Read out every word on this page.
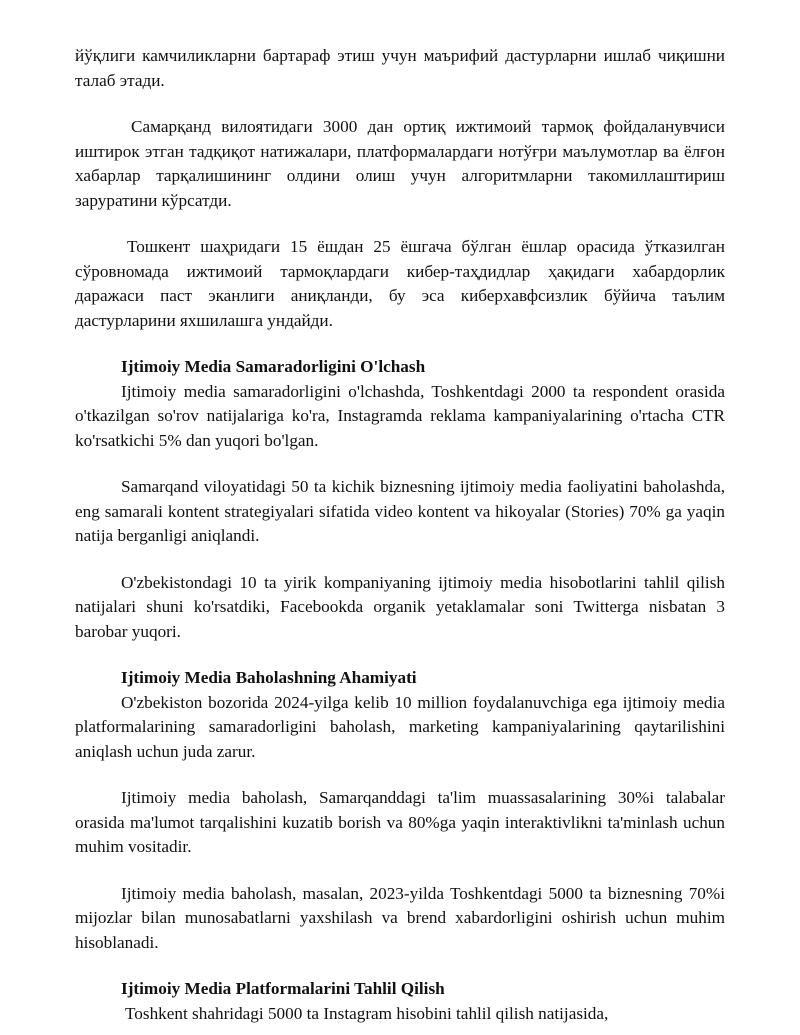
йўқлиги камчиликларни бартараф этиш учун маърифий дастурларни ишлаб чиқишни талаб этади.

Самарқанд вилоятидаги 3000 дан ортиқ ижтимоий тармоқ фойдаланувчиси иштирок этган тадқиқот натижалари, платформалардаги нотўғри маълумотлар ва ёлғон хабарлар тарқалишининг олдини олиш учун алгоритмларни такомиллаштириш заруратини кўрсатди.

Тошкент шаҳридаги 15 ёшдан 25 ёшгача бўлган ёшлар орасида ўтказилган сўровномада ижтимоий тармоқлардаги кибер-таҳдидлар ҳақидаги хабардорлик даражаси паст эканлиги аниқланди, бу эса киберхавфсизлик бўйича таълим дастурларини яхшилашга ундайди.

Ijtimoiy Media Samaradorligini O'lchash

Ijtimoiy media samaradorligini o'lchashda, Toshkentdagi 2000 ta respondent orasida o'tkazilgan so'rov natijalariga ko'ra, Instagramda reklama kampaniyalarining o'rtacha CTR ko'rsatkichi 5% dan yuqori bo'lgan.

Samarqand viloyatidagi 50 ta kichik biznesning ijtimoiy media faoliyatini baholashda, eng samarali kontent strategiyalari sifatida video kontent va hikoyalar (Stories) 70% ga yaqin natija berganligi aniqlandi.

O'zbekistondagi 10 ta yirik kompaniyaning ijtimoiy media hisobotlarini tahlil qilish natijalari shuni ko'rsatdiki, Facebookda organik yetaklamalar soni Twitterga nisbatan 3 barobar yuqori.

Ijtimoiy Media Baholashning Ahamiyati

O'zbekiston bozorida 2024-yilga kelib 10 million foydalanuvchiga ega ijtimoiy media platformalarining samaradorligini baholash, marketing kampaniyalarining qaytarilishini aniqlash uchun juda zarur.

Ijtimoiy media baholash, Samarqanddagi ta'lim muassasalarining 30%i talabalar orasida ma'lumot tarqalishini kuzatib borish va 80%ga yaqin interaktivlikni ta'minlash uchun muhim vositadir.

Ijtimoiy media baholash, masalan, 2023-yilda Toshkentdagi 5000 ta biznesning 70%i mijozlar bilan munosabatlarni yaxshilash va brend xabardorligini oshirish uchun muhim hisoblanadi.

Ijtimoiy Media Platformalarini Tahlil Qilish

Toshkent shahridagi 5000 ta Instagram hisobini tahlil qilish natijasida,
